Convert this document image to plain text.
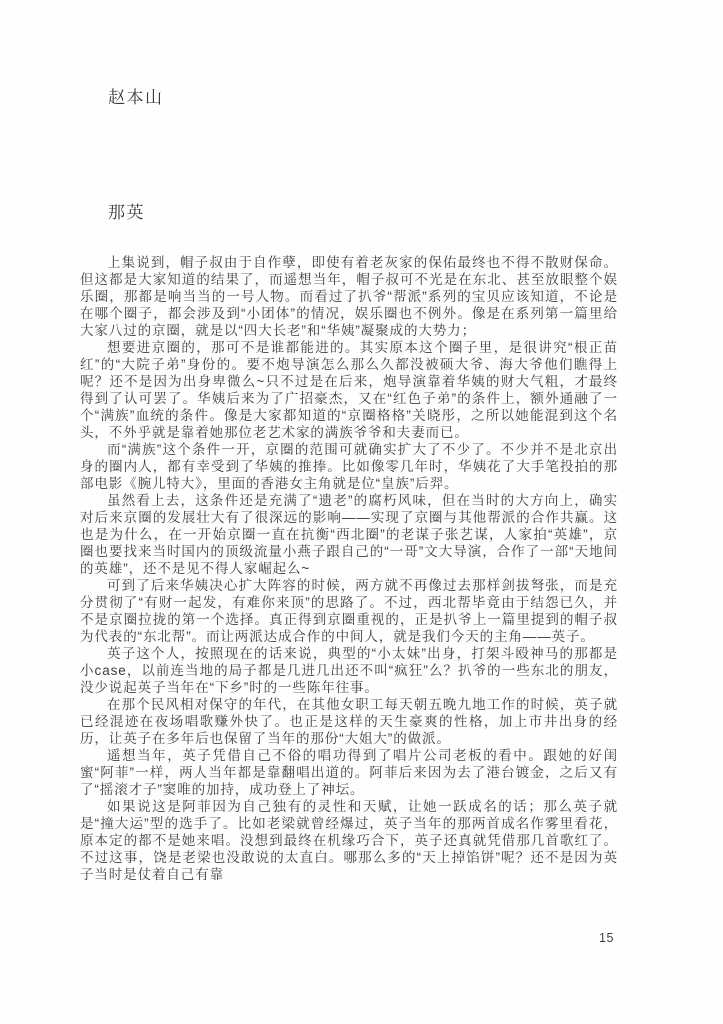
赵本山
那英

上集说到，帽子叔由于自作孽，即使有着老灰家的保佑最终也不得不散财保命。但这都是大家知道的结果了，而遥想当年，帽子叔可不光是在东北、甚至放眼整个娱乐圈，那都是响当当的一号人物。而看过了扒爷“帮派”系列的宝贝应该知道，不论是在哪个圈子，都会涉及到“小团体”的情况，娱乐圈也不例外。像是在系列第一篇里给大家八过的京圈，就是以“四大长老”和“华姨”凝聚成的大势力；

想要进京圈的，那可不是谁都能进的。其实原本这个圈子里，是很讲究“根正苗红”的“大院子弟”身份的。要不炮导演怎么那么久都没被硕大爷、海大爷他们瞧得上呢？还不是因为出身卑微么~只不过是在后来，炮导演靠着华姨的财大气粗，才最终得到了认可罢了。华姨后来为了广招豪杰，又在“红色子弟”的条件上，额外通融了一个“满族”血统的条件。像是大家都知道的“京圈格格”关晓彤，之所以她能混到这个名头，不外乎就是靠着她那位老艺术家的满族爷爷和夫妻而已。

而“满族”这个条件一开，京圈的范围可就确实扩大了不少了。不少并不是北京出身的圈内人，都有幸受到了华姨的推捧。比如像零几年时，华姨花了大手笔投拍的那部电影《腕儿特大》，里面的香港女主角就是位“皇族”后羿。

虽然看上去，这条件还是充满了“遗老”的腐朽风味，但在当时的大方向上，确实对后来京圈的发展壮大有了很深远的影响——实现了京圈与其他帮派的合作共赢。这也是为什么，在一开始京圈一直在抗衡“西北圈”的老谋子张艺谋，人家拍“英雄”，京圈也要找来当时国内的顶级流量小燕子跟自己的“一哥”文大导演，合作了一部“天地间的英雄”，还不是见不得人家崛起么~

可到了后来华姨决心扩大阵容的时候，两方就不再像过去那样剑拔弩张，而是充分贯彻了“有财一起发，有难你来顶”的思路了。不过，西北帮毕竟由于结怨已久，并不是京圈拉拢的第一个选择。真正得到京圈重视的，正是扒爷上一篇里提到的帽子叔为代表的“东北帮”。而让两派达成合作的中间人，就是我们今天的主角——英子。

英子这个人，按照现在的话来说，典型的“小太妹”出身，打架斗殴神马的那都是小case，以前连当地的局子都是几进几出还不叫“疯狂”么？扒爷的一些东北的朋友，没少说起英子当年在“下乡”时的一些陈年往事。

在那个民风相对保守的年代，在其他女职工每天朝五晚九地工作的时候，英子就已经混迹在夜场唱歌赚外快了。也正是这样的天生豪爽的性格，加上市井出身的经历，让英子在多年后也保留了当年的那份“大姐大”的做派。

遥想当年，英子凭借自己不俗的唱功得到了唱片公司老板的看中。跟她的好闺蜜“阿菲”一样，两人当年都是靠翻唱出道的。阿菲后来因为去了港台镀金，之后又有了“摇滚才子”窦唯的加持，成功登上了神坛。

如果说这是阿菲因为自己独有的灵性和天赋，让她一跃成名的话；那么英子就是“撞大运”型的选手了。比如老梁就曾经爆过，英子当年的那两首成名作雾里看花，原本定的都不是她来唱。没想到最终在机缘巧合下，英子还真就凭借那几首歌红了。不过这事，饶是老梁也没敢说的太直白。哪那么多的“天上掉馅饼”呢？还不是因为英子当时是仗着自己有靠

15
